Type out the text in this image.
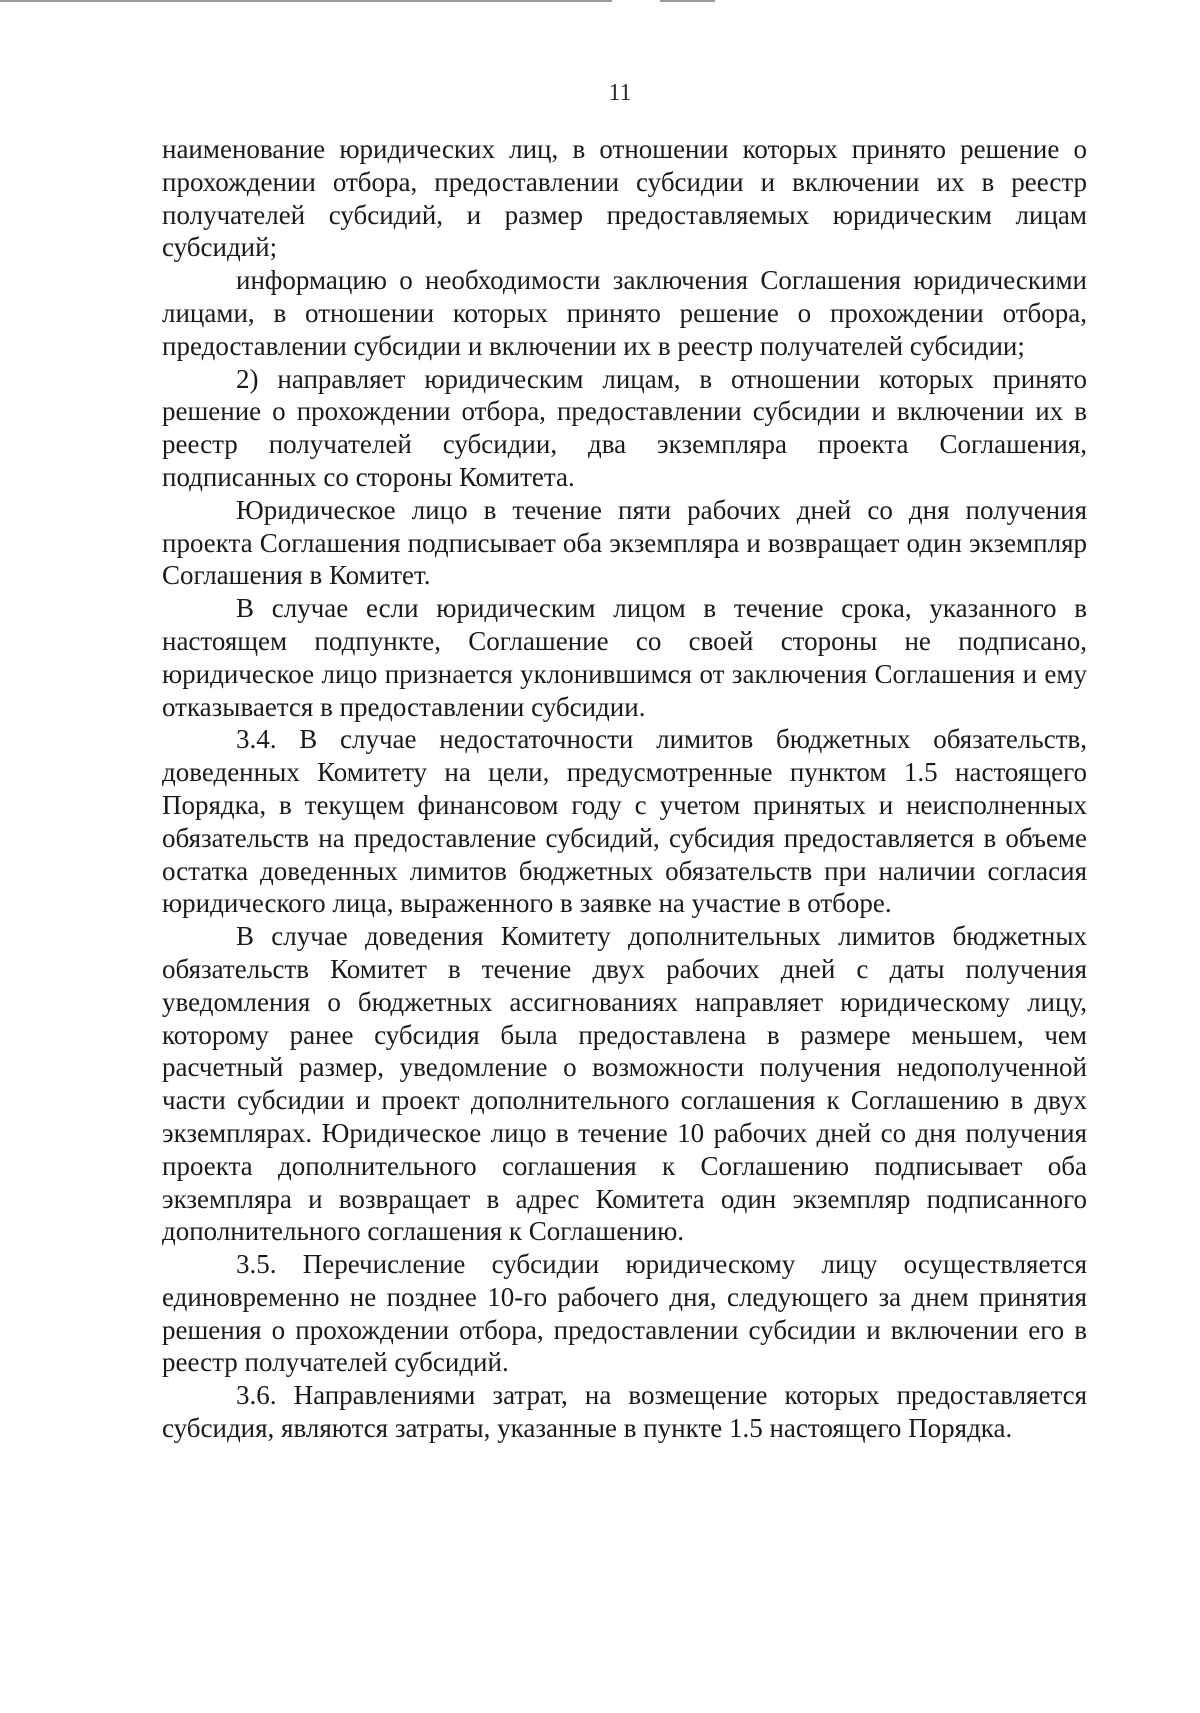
11

наименование юридических лиц, в отношении которых принято решение о прохождении отбора, предоставлении субсидии и включении их в реестр получателей субсидий, и размер предоставляемых юридическим лицам субсидий;

информацию о необходимости заключения Соглашения юридическими лицами, в отношении которых принято решение о прохождении отбора, предоставлении субсидии и включении их в реестр получателей субсидии;

2) направляет юридическим лицам, в отношении которых принято решение о прохождении отбора, предоставлении субсидии и включении их в реестр получателей субсидии, два экземпляра проекта Соглашения, подписанных со стороны Комитета.

Юридическое лицо в течение пяти рабочих дней со дня получения проекта Соглашения подписывает оба экземпляра и возвращает один экземпляр Соглашения в Комитет.

В случае если юридическим лицом в течение срока, указанного в настоящем подпункте, Соглашение со своей стороны не подписано, юридическое лицо признается уклонившимся от заключения Соглашения и ему отказывается в предоставлении субсидии.

3.4. В случае недостаточности лимитов бюджетных обязательств, доведенных Комитету на цели, предусмотренные пунктом 1.5 настоящего Порядка, в текущем финансовом году с учетом принятых и неисполненных обязательств на предоставление субсидий, субсидия предоставляется в объеме остатка доведенных лимитов бюджетных обязательств при наличии согласия юридического лица, выраженного в заявке на участие в отборе.

В случае доведения Комитету дополнительных лимитов бюджетных обязательств Комитет в течение двух рабочих дней с даты получения уведомления о бюджетных ассигнованиях направляет юридическому лицу, которому ранее субсидия была предоставлена в размере меньшем, чем расчетный размер, уведомление о возможности получения недополученной части субсидии и проект дополнительного соглашения к Соглашению в двух экземплярах. Юридическое лицо в течение 10 рабочих дней со дня получения проекта дополнительного соглашения к Соглашению подписывает оба экземпляра и возвращает в адрес Комитета один экземпляр подписанного дополнительного соглашения к Соглашению.

3.5. Перечисление субсидии юридическому лицу осуществляется единовременно не позднее 10-го рабочего дня, следующего за днем принятия решения о прохождении отбора, предоставлении субсидии и включении его в реестр получателей субсидий.

3.6. Направлениями затрат, на возмещение которых предоставляется субсидия, являются затраты, указанные в пункте 1.5 настоящего Порядка.
